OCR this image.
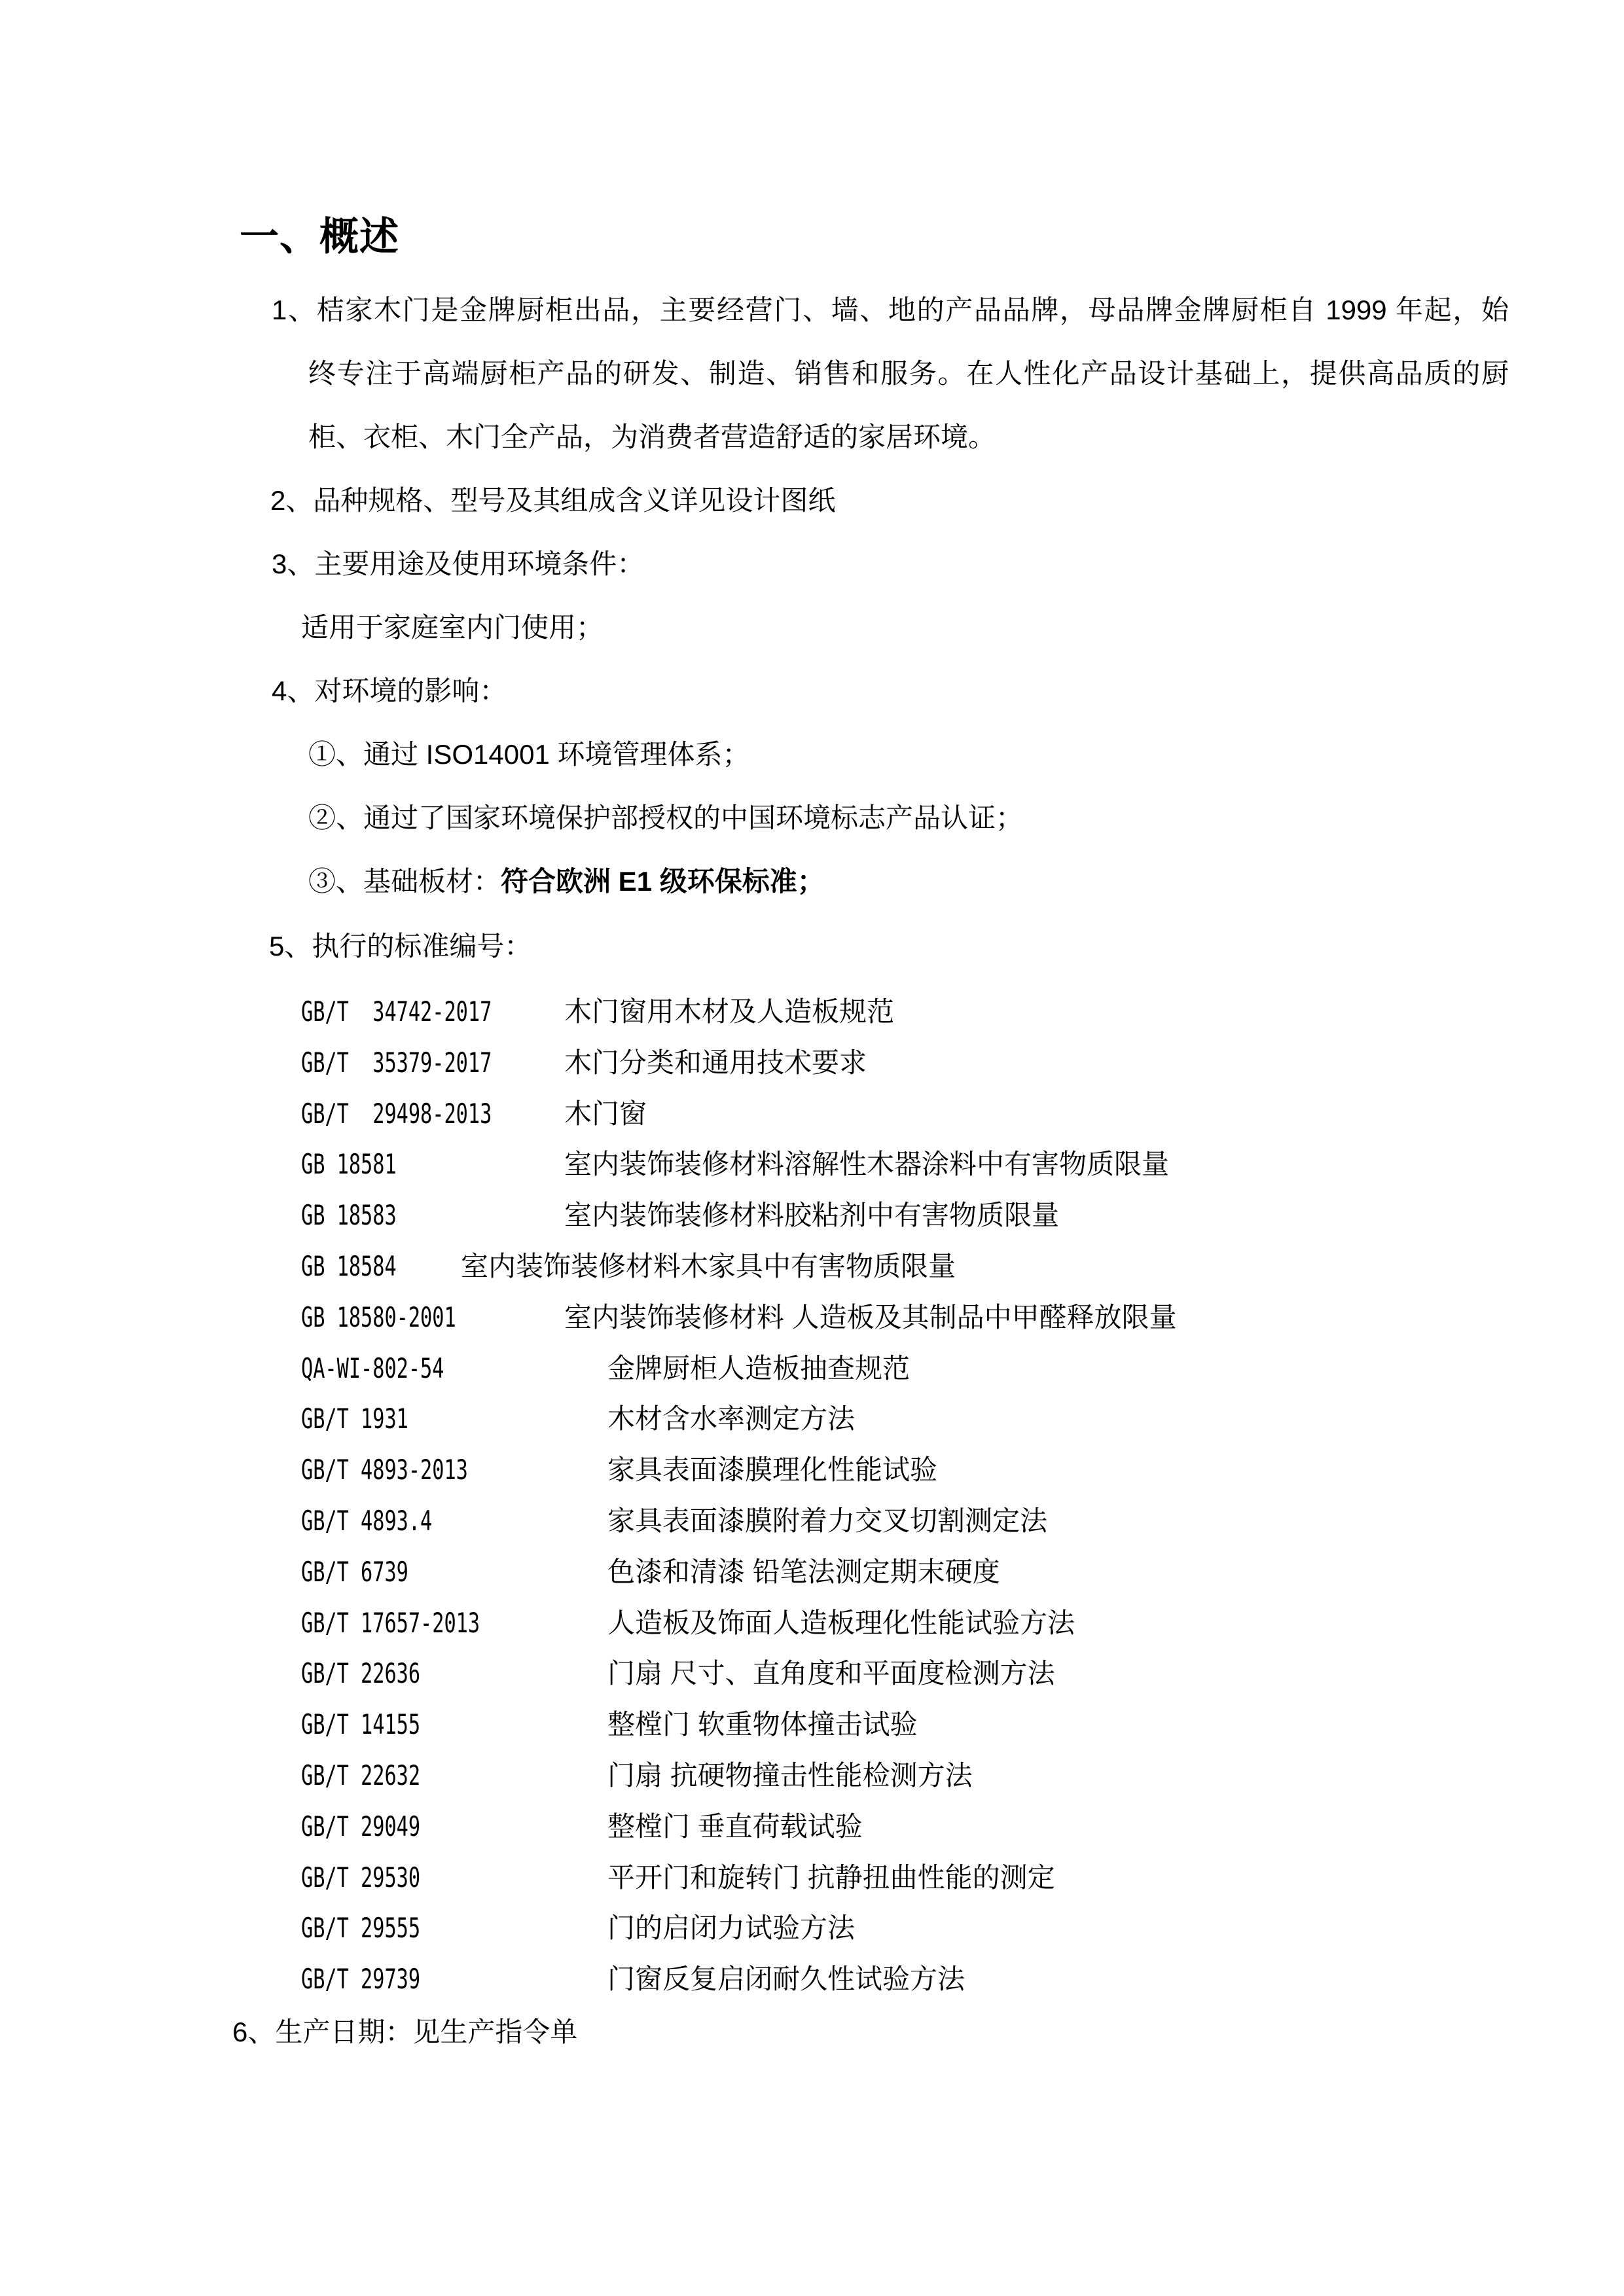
一、概述
1、桔家木门是金牌厨柜出品，主要经营门、墙、地的产品品牌，母品牌金牌厨柜自 1999 年起，始
终专注于高端厨柜产品的研发、制造、销售和服务。在人性化产品设计基础上，提供高品质的厨
柜、衣柜、木门全产品，为消费者营造舒适的家居环境。
2、品种规格、型号及其组成含义详见设计图纸
3、主要用途及使用环境条件：
适用于家庭室内门使用；
4、对环境的影响：
①、通过 ISO14001 环境管理体系；
②、通过了国家环境保护部授权的中国环境标志产品认证；
③、基础板材：符合欧洲 E1 级环保标准；
5、执行的标准编号：
GB/T  34742-2017	木门窗用木材及人造板规范
GB/T  35379-2017	木门分类和通用技术要求
GB/T  29498-2013	木门窗
GB 18581	室内装饰装修材料溶解性木器涂料中有害物质限量
GB 18583	室内装饰装修材料胶粘剂中有害物质限量
GB 18584 室内装饰装修材料木家具中有害物质限量
GB 18580-2001	室内装饰装修材料 人造板及其制品中甲醛释放限量
QA-WI-802-54	金牌厨柜人造板抽查规范
GB/T 1931	木材含水率测定方法
GB/T 4893-2013	家具表面漆膜理化性能试验
GB/T 4893.4	家具表面漆膜附着力交叉切割测定法
GB/T 6739	色漆和清漆 铅笔法测定期末硬度
GB/T 17657-2013	人造板及饰面人造板理化性能试验方法
GB/T 22636	门扇 尺寸、直角度和平面度检测方法
GB/T 14155	整樘门 软重物体撞击试验
GB/T 22632	门扇 抗硬物撞击性能检测方法
GB/T 29049	整樘门 垂直荷载试验
GB/T 29530	平开门和旋转门 抗静扭曲性能的测定
GB/T 29555	门的启闭力试验方法
GB/T 29739	门窗反复启闭耐久性试验方法
6、生产日期：见生产指令单
